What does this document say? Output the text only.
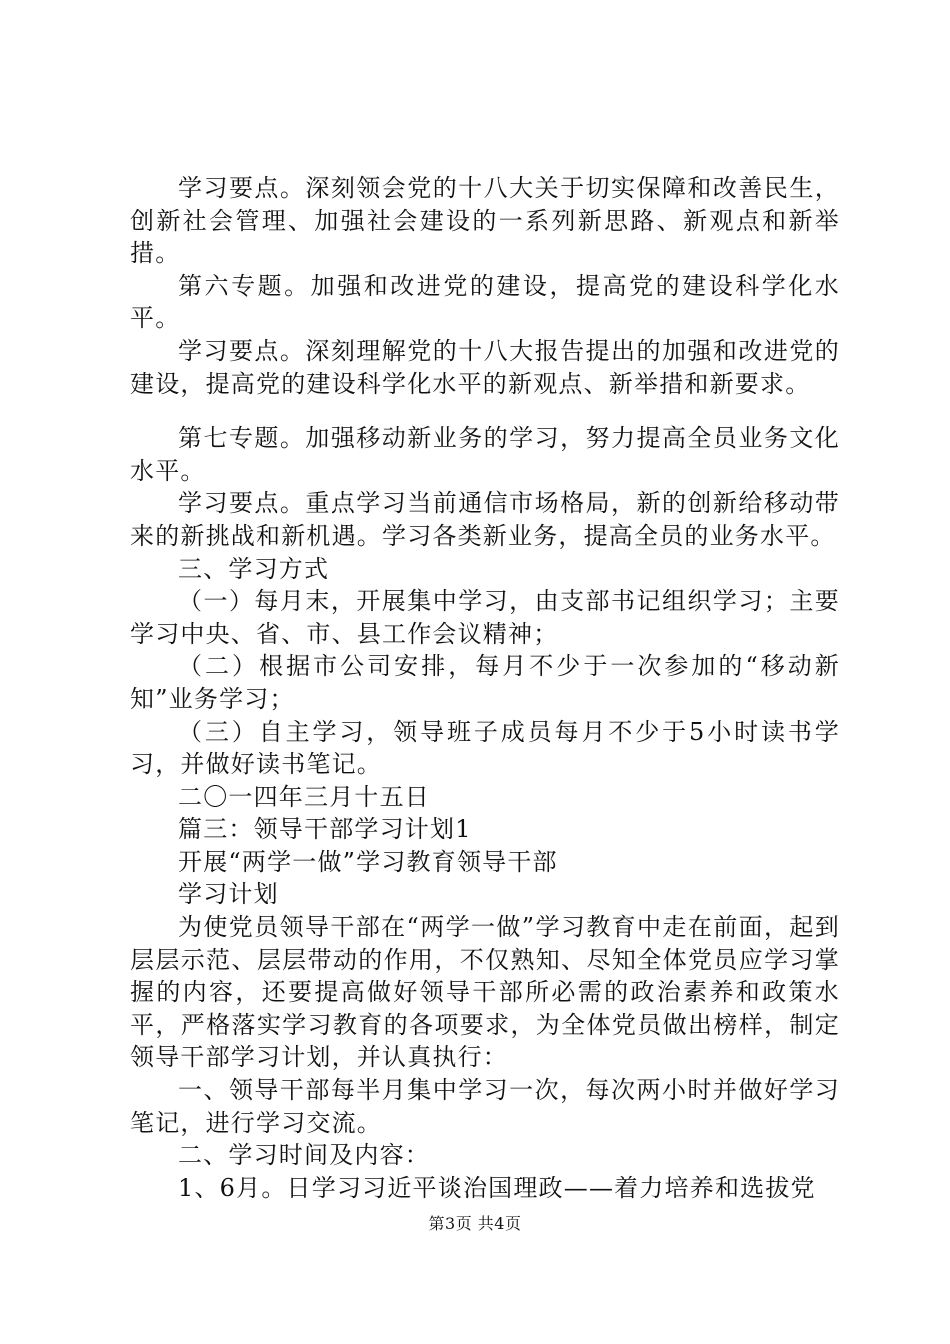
学习要点。深刻领会党的十八大关于切实保障和改善民生，创新社会管理、加强社会建设的一系列新思路、新观点和新举措。

第六专题。加强和改进党的建设，提高党的建设科学化水平。

学习要点。深刻理解党的十八大报告提出的加强和改进党的建设，提高党的建设科学化水平的新观点、新举措和新要求。

第七专题。加强移动新业务的学习，努力提高全员业务文化水平。

学习要点。重点学习当前通信市场格局，新的创新给移动带来的新挑战和新机遇。学习各类新业务，提高全员的业务水平。

三、学习方式

（一）每月末，开展集中学习，由支部书记组织学习；主要学习中央、省、市、县工作会议精神；

（二）根据市公司安排，每月不少于一次参加的“移动新知”业务学习；

（三）自主学习，领导班子成员每月不少于5小时读书学习，并做好读书笔记。

二〇一四年三月十五日

篇三：领导干部学习计划1

开展“两学一做”学习教育领导干部

学习计划

为使党员领导干部在“两学一做”学习教育中走在前面，起到层层示范、层层带动的作用，不仅熟知、尽知全体党员应学习掌握的内容，还要提高做好领导干部所必需的政治素养和政策水平，严格落实学习教育的各项要求，为全体党员做出榜样，制定领导干部学习计划，并认真执行：

一、领导干部每半月集中学习一次，每次两小时并做好学习笔记，进行学习交流。

二、学习时间及内容：

1、6月。日学习习近平谈治国理政——着力培养和选拔党

第3页 共4页
